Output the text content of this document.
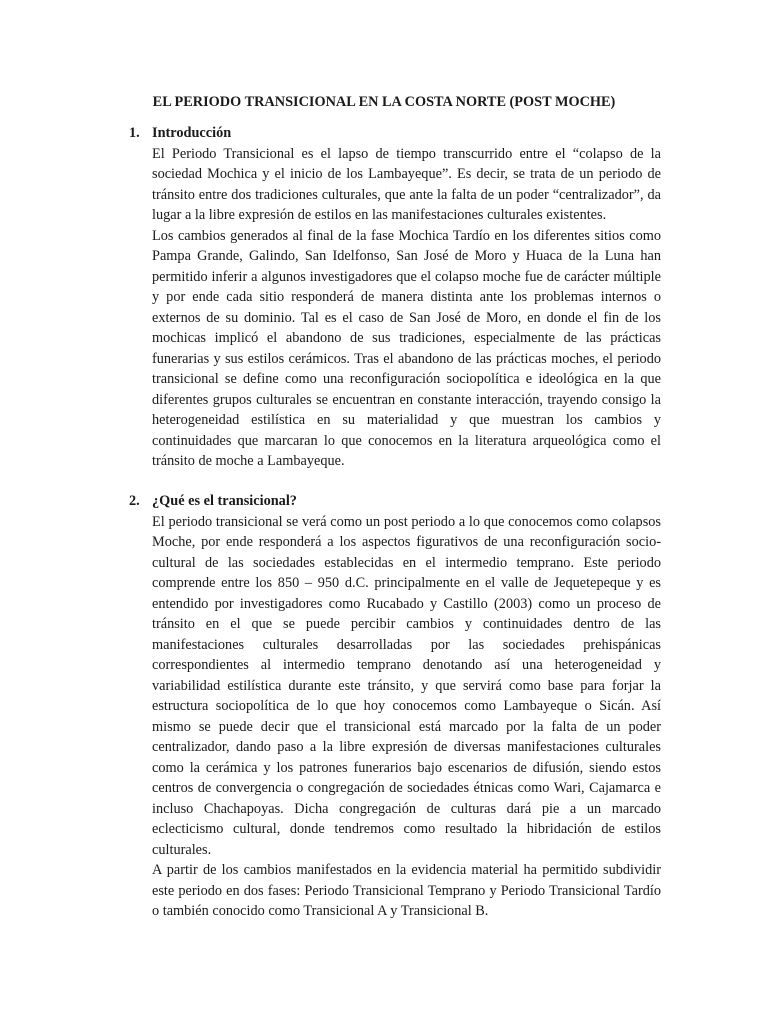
EL PERIODO TRANSICIONAL EN LA COSTA NORTE (POST MOCHE)
1. Introducción

El Periodo Transicional es el lapso de tiempo transcurrido entre el “colapso de la sociedad Mochica y el inicio de los Lambayeque”. Es decir, se trata de un periodo de tránsito entre dos tradiciones culturales, que ante la falta de un poder “centralizador”, da lugar a la libre expresión de estilos en las manifestaciones culturales existentes.

Los cambios generados al final de la fase Mochica Tardío en los diferentes sitios como Pampa Grande, Galindo, San Idelfonso, San José de Moro y Huaca de la Luna han permitido inferir a algunos investigadores que el colapso moche fue de carácter múltiple y por ende cada sitio responderá de manera distinta ante los problemas internos o externos de su dominio. Tal es el caso de San José de Moro, en donde el fin de los mochicas implicó el abandono de sus tradiciones, especialmente de las prácticas funerarias y sus estilos cerámicos. Tras el abandono de las prácticas moches, el periodo transicional se define como una reconfiguración sociopolítica e ideológica en la que diferentes grupos culturales se encuentran en constante interacción, trayendo consigo la heterogeneidad estilística en su materialidad y que muestran los cambios y continuidades que marcaran lo que conocemos en la literatura arqueológica como el tránsito de moche a Lambayeque.

2. ¿Qué es el transicional?

El periodo transicional se verá como un post periodo a lo que conocemos como colapsos Moche, por ende responderá a los aspectos figurativos de una reconfiguración socio-cultural de las sociedades establecidas en el intermedio temprano. Este periodo comprende entre los 850 – 950 d.C. principalmente en el valle de Jequetepeque y es entendido por investigadores como Rucabado y Castillo (2003) como un proceso de tránsito en el que se puede percibir cambios y continuidades dentro de las manifestaciones culturales desarrolladas por las sociedades prehispánicas correspondientes al intermedio temprano denotando así una heterogeneidad y variabilidad estilística durante este tránsito, y que servirá como base para forjar la estructura sociopolítica de lo que hoy conocemos como Lambayeque o Sicán. Así mismo se puede decir que el transicional está marcado por la falta de un poder centralizador, dando paso a la libre expresión de diversas manifestaciones culturales como la cerámica y los patrones funerarios bajo escenarios de difusión, siendo estos centros de convergencia o congregación de sociedades étnicas como Wari, Cajamarca e incluso Chachapoyas. Dicha congregación de culturas dará pie a un marcado eclecticismo cultural, donde tendremos como resultado la hibridación de estilos culturales.

A partir de los cambios manifestados en la evidencia material ha permitido subdividir este periodo en dos fases: Periodo Transicional Temprano y Periodo Transicional Tardío o también conocido como Transicional A y Transicional B.
